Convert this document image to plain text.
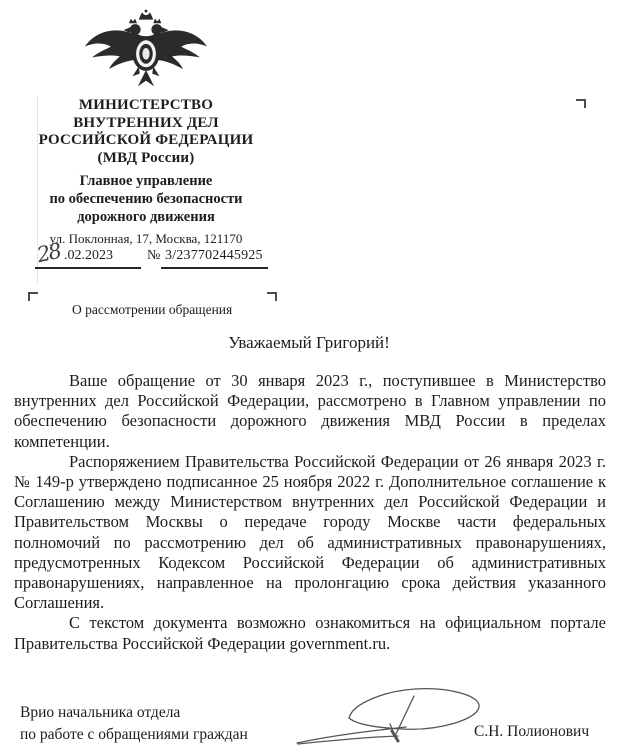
МИНИСТЕРСТВО
ВНУТРЕННИХ ДЕЛ
РОССИЙСКОЙ ФЕДЕРАЦИИ
(МВД России)
Главное управление
по обеспечению безопасности
дорожного движения
ул. Поклонная, 17, Москва, 121170
28 .02.2023 № 3/237702445925
О рассмотрении обращения
Уважаемый Григорий!

Ваше обращение от 30 января 2023 г., поступившее в Министерство внутренних дел Российской Федерации, рассмотрено в Главном управлении по обеспечению безопасности дорожного движения МВД России в пределах компетенции.

Распоряжением Правительства Российской Федерации от 26 января 2023 г. № 149-р утверждено подписанное 25 ноября 2022 г. Дополнительное соглашение к Соглашению между Министерством внутренних дел Российской Федерации и Правительством Москвы о передаче городу Москве части федеральных полномочий по рассмотрению дел об административных правонарушениях, предусмотренных Кодексом Российской Федерации об административных правонарушениях, направленное на пролонгацию срока действия указанного Соглашения.

С текстом документа возможно ознакомиться на официальном портале Правительства Российской Федерации government.ru.

Врио начальника отдела
по работе с обращениями граждан	С.Н. Полионович
